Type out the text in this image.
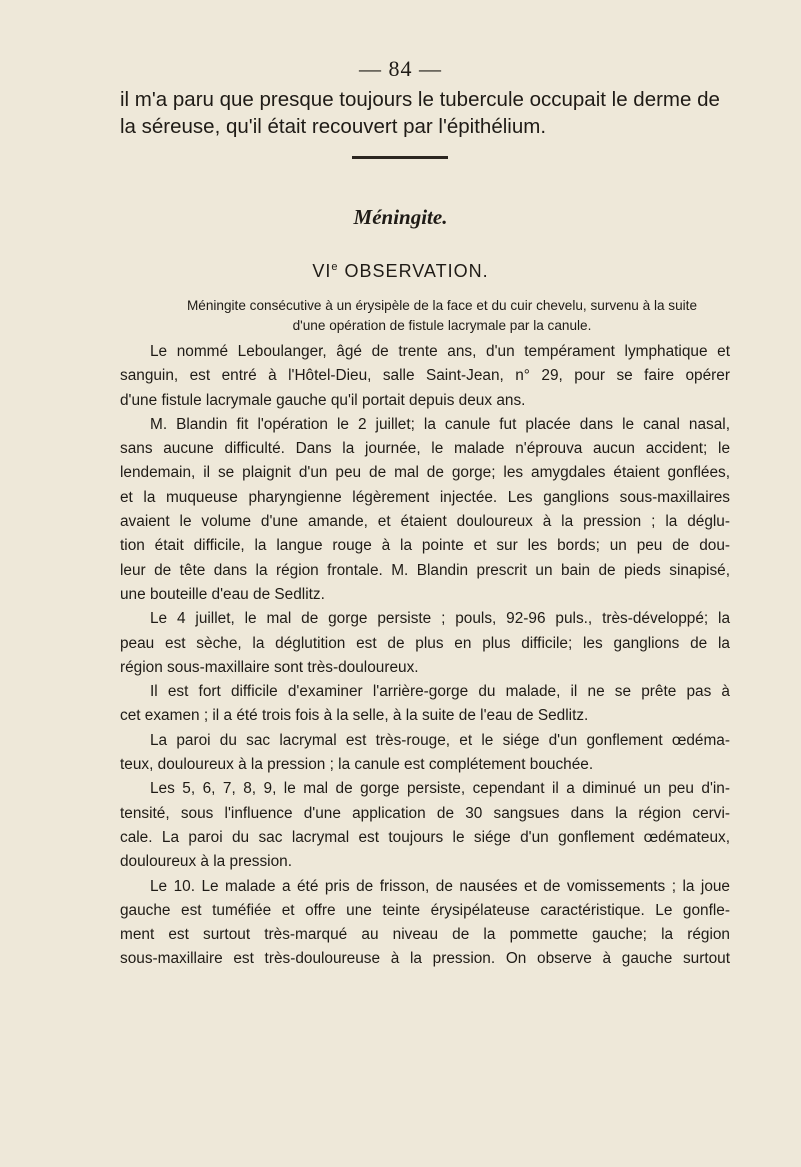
— 84 —

il m'a paru que presque toujours le tubercule occupait le derme de
la séreuse, qu'il était recouvert par l'épithélium.

Méningite.
VIe OBSERVATION.

Méningite consécutive à un érysipèle de la face et du cuir chevelu, survenu à la suite
d'une opération de fistule lacrymale par la canule.

Le nommé Leboulanger, âgé de trente ans, d'un tempérament lymphatique et
sanguin, est entré à l'Hôtel-Dieu, salle Saint-Jean, n° 29, pour se faire opérer
d'une fistule lacrymale gauche qu'il portait depuis deux ans.
M. Blandin fit l'opération le 2 juillet; la canule fut placée dans le canal nasal,
sans aucune difficulté. Dans la journée, le malade n'éprouva aucun accident; le
lendemain, il se plaignit d'un peu de mal de gorge; les amygdales étaient gonflées,
et la muqueuse pharyngienne légèrement injectée. Les ganglions sous-maxillaires
avaient le volume d'une amande, et étaient douloureux à la pression ; la déglu-
tion était difficile, la langue rouge à la pointe et sur les bords; un peu de dou-
leur de tête dans la région frontale. M. Blandin prescrit un bain de pieds sinapisé,
une bouteille d'eau de Sedlitz.
Le 4 juillet, le mal de gorge persiste ; pouls, 92-96 puls., très-développé; la
peau est sèche, la déglutition est de plus en plus difficile; les ganglions de la
région sous-maxillaire sont très-douloureux.
Il est fort difficile d'examiner l'arrière-gorge du malade, il ne se prête pas à
cet examen ; il a été trois fois à la selle, à la suite de l'eau de Sedlitz.
La paroi du sac lacrymal est très-rouge, et le siége d'un gonflement œdéma-
teux, douloureux à la pression ; la canule est complétement bouchée.
Les 5, 6, 7, 8, 9, le mal de gorge persiste, cependant il a diminué un peu d'in-
tensité, sous l'influence d'une application de 30 sangsues dans la région cervi-
cale. La paroi du sac lacrymal est toujours le siége d'un gonflement œdémateux,
douloureux à la pression.
Le 10. Le malade a été pris de frisson, de nausées et de vomissements ; la joue
gauche est tuméfiée et offre une teinte érysipélateuse caractéristique. Le gonfle-
ment est surtout très-marqué au niveau de la pommette gauche; la région
sous-maxillaire est très-douloureuse à la pression. On observe à gauche surtout
